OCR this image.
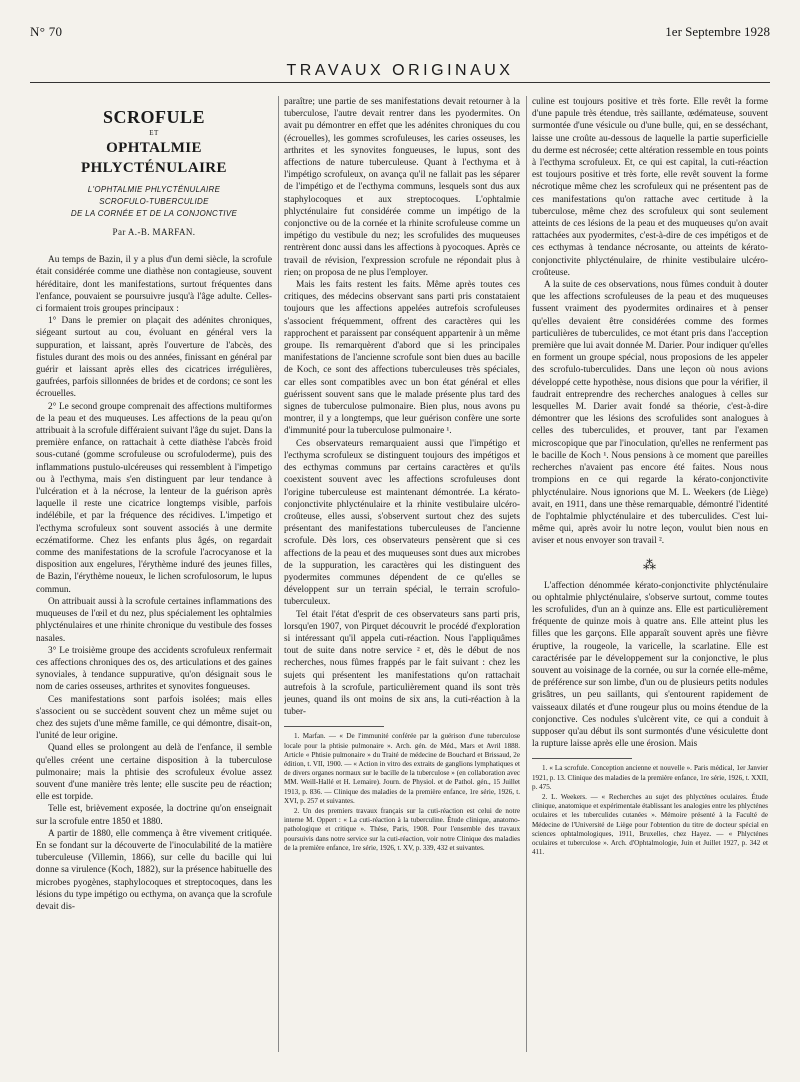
N° 70	1er Septembre 1928
TRAVAUX ORIGINAUX
SCROFULE
ET
OPHTALMIE PHLYCTÉNULAIRE
L'OPHTALMIE PHLYCTÉNULAIRE
SCROFULO-TUBERCULIDE
DE LA CORNÉE ET DE LA CONJONCTIVE
Par A.-B. MARFAN.

Au temps de Bazin, il y a plus d'un demi siècle, la scrofule était considérée comme une diathèse non contagieuse, souvent héréditaire, dont les manifestations, surtout fréquentes dans l'enfance, pouvaient se poursuivre jusqu'à l'âge adulte. Celles-ci formaient trois groupes principaux :

1° Dans le premier on plaçait des adénites chroniques, siégeant surtout au cou, évoluant en général vers la suppuration, et laissant, après l'ouverture de l'abcès, des fistules durant des mois ou des années, finissant en général par guérir et laissant après elles des cicatrices irrégulières, gaufrées, parfois sillonnées de brides et de cordons; ce sont les écrouelles.

2° Le second groupe comprenait des affections multiformes de la peau et des muqueuses. Les affections de la peau qu'on attribuait à la scrofule différaient suivant l'âge du sujet. Dans la première enfance, on rattachait à cette diathèse l'abcès froid sous-cutané (gomme scrofuleuse ou scrofuloderme), puis des inflammations pustulo-ulcéreuses qui ressemblent à l'impetigo ou à l'ecthyma, mais s'en distinguent par leur tendance à l'ulcération et à la nécrose, la lenteur de la guérison après laquelle il reste une cicatrice longtemps visible, parfois indélébile, et par la fréquence des récidives. L'impetigo et l'ecthyma scrofuleux sont souvent associés à une dermite eczématiforme. Chez les enfants plus âgés, on regardait comme des manifestations de la scrofule l'acrocyanose et la disposition aux engelures, l'érythème induré des jeunes filles, de Bazin, l'érythème noueux, le lichen scrofulosorum, le lupus commun.

On attribuait aussi à la scrofule certaines inflammations des muqueuses de l'œil et du nez, plus spécialement les ophtalmies phlycténulaires et une rhinite chronique du vestibule des fosses nasales.

3° Le troisième groupe des accidents scrofuleux renfermait ces affections chroniques des os, des articulations et des gaines synoviales, à tendance suppurative, qu'on désignait sous le nom de caries osseuses, arthrites et synovites fongueuses.

Ces manifestations sont parfois isolées; mais elles s'associent ou se succèdent souvent chez un même sujet ou chez des sujets d'une même famille, ce qui démontre, disait-on, l'unité de leur origine.

Quand elles se prolongent au delà de l'enfance, il semble qu'elles créent une certaine disposition à la tuberculose pulmonaire; mais la phtisie des scrofuleux évolue assez souvent d'une manière très lente; elle suscite peu de réaction; elle est torpide.

Telle est, brièvement exposée, la doctrine qu'on enseignait sur la scrofule entre 1850 et 1880.

A partir de 1880, elle commença à être vivement critiquée. En se fondant sur la découverte de l'inoculabilité de la matière tuberculeuse (Villemin, 1866), sur celle du bacille qui lui donne sa virulence (Koch, 1882), sur la présence habituelle des microbes pyogènes, staphylocoques et streptocoques, dans les lésions du type impétigo ou ecthyma, on avança que la scrofule devait dis-

paraître; une partie de ses manifestations devait retourner à la tuberculose, l'autre devait rentrer dans les pyodermites. On avait pu démontrer en effet que les adénites chroniques du cou (écrouelles), les gommes scrofuleuses, les caries osseuses, les arthrites et les synovites fongueuses, le lupus, sont des affections de nature tuberculeuse. Quant à l'ecthyma et à l'impétigo scrofuleux, on avança qu'il ne fallait pas les séparer de l'impétigo et de l'ecthyma communs, lesquels sont dus aux staphylocoques et aux streptocoques. L'ophtalmie phlycténulaire fut considérée comme un impétigo de la conjonctive ou de la cornée et la rhinite scrofuleuse comme un impétigo du vestibule du nez; les scrofulides des muqueuses rentrèrent donc aussi dans les affections à pyocoques. Après ce travail de révision, l'expression scrofule ne répondait plus à rien; on proposa de ne plus l'employer.

Mais les faits restent les faits. Même après toutes ces critiques, des médecins observant sans parti pris constataient toujours que les affections appelées autrefois scrofuleuses s'associent fréquemment, offrent des caractères qui les rapprochent et paraissent par conséquent appartenir à un même groupe. Ils remarquèrent d'abord que si les principales manifestations de l'ancienne scrofule sont bien dues au bacille de Koch, ce sont des affections tuberculeuses très spéciales, car elles sont compatibles avec un bon état général et elles guérissent souvent sans que le malade présente plus tard des signes de tuberculose pulmonaire. Bien plus, nous avons pu montrer, il y a longtemps, que leur guérison confère une sorte d'immunité pour la tuberculose pulmonaire ¹.

Ces observateurs remarquaient aussi que l'impétigo et l'ecthyma scrofuleux se distinguent toujours des impétigos et des ecthymas communs par certains caractères et qu'ils coexistent souvent avec les affections scrofuleuses dont l'origine tuberculeuse est maintenant démontrée. La kérato-conjonctivite phlycténulaire et la rhinite vestibulaire ulcéro-croûteuse, elles aussi, s'observent surtout chez des sujets présentant des manifestations tuberculeuses de l'ancienne scrofule. Dès lors, ces observateurs pensèrent que si ces affections de la peau et des muqueuses sont dues aux microbes de la suppuration, les caractères qui les distinguent des pyodermites communes dépendent de ce qu'elles se développent sur un terrain spécial, le terrain scrofulo-tuberculeux.

Tel était l'état d'esprit de ces observateurs sans parti pris, lorsqu'en 1907, von Pirquet découvrit le procédé d'exploration si intéressant qu'il appela cuti-réaction. Nous l'appliquâmes tout de suite dans notre service ² et, dès le début de nos recherches, nous fûmes frappés par le fait suivant : chez les sujets qui présentent les manifestations qu'on rattachait autrefois à la scrofule, particulièrement quand ils sont très jeunes, quand ils ont moins de six ans, la cuti-réaction à la tuber-

1. Marfan. — « De l'immunité conférée par la guérison d'une tuberculose locale pour la phtisie pulmonaire ». Arch. gén. de Méd., Mars et Avril 1888. Article « Phtisie pulmonaire » du Traité de médecine de Bouchard et Brissaud, 2e édition, t. VII, 1900. — « Action in vitro des extraits de ganglions lymphatiques et de divers organes normaux sur le bacille de la tuberculose » (en collaboration avec MM. Weill-Hallé et H. Lemaire). Journ. de Physiol. et de Pathol. gén., 15 Juillet 1913, p. 836. — Clinique des maladies de la première enfance, 1re série, 1926, t. XVI, p. 257 et suivantes.

2. Un des premiers travaux français sur la cuti-réaction est celui de notre interne M. Oppert : « La cuti-réaction à la tuberculine. Étude clinique, anatomo-pathologique et critique ». Thèse, Paris, 1908. Pour l'ensemble des travaux poursuivis dans notre service sur la cuti-réaction, voir notre Clinique des maladies de la première enfance, 1re série, 1926, t. XV, p. 339, 432 et suivantes.

culine est toujours positive et très forte. Elle revêt la forme d'une papule très étendue, très saillante, œdémateuse, souvent surmontée d'une vésicule ou d'une bulle, qui, en se desséchant, laisse une croûte au-dessous de laquelle la partie superficielle du derme est nécrosée; cette altération ressemble en tous points à l'ecthyma scrofuleux. Et, ce qui est capital, la cuti-réaction est toujours positive et très forte, elle revêt souvent la forme nécrotique même chez les scrofuleux qui ne présentent pas de ces manifestations qu'on rattache avec certitude à la tuberculose, même chez des scrofuleux qui sont seulement atteints de ces lésions de la peau et des muqueuses qu'on avait rattachées aux pyodermites, c'est-à-dire de ces impétigos et de ces ecthymas à tendance nécrosante, ou atteints de kérato-conjonctivite phlycténulaire, de rhinite vestibulaire ulcéro-croûteuse.

A la suite de ces observations, nous fûmes conduit à douter que les affections scrofuleuses de la peau et des muqueuses fussent vraiment des pyodermites ordinaires et à penser qu'elles devaient être considérées comme des formes particulières de tuberculides, ce mot étant pris dans l'acception première que lui avait donnée M. Darier. Pour indiquer qu'elles en forment un groupe spécial, nous proposions de les appeler des scrofulo-tuberculides. Dans une leçon où nous avions développé cette hypothèse, nous disions que pour la vérifier, il faudrait entreprendre des recherches analogues à celles sur lesquelles M. Darier avait fondé sa théorie, c'est-à-dire démontrer que les lésions des scrofulides sont analogues à celles des tuberculides, et prouver, tant par l'examen microscopique que par l'inoculation, qu'elles ne renferment pas le bacille de Koch ¹. Nous pensions à ce moment que pareilles recherches n'avaient pas encore été faites. Nous nous trompions en ce qui regarde la kérato-conjonctivite phlycténulaire. Nous ignorions que M. L. Weekers (de Liège) avait, en 1911, dans une thèse remarquable, démontré l'identité de l'ophtalmie phlycténulaire et des tuberculides. C'est lui-même qui, après avoir lu notre leçon, voulut bien nous en aviser et nous envoyer son travail ².

⁂

L'affection dénommée kérato-conjonctivite phlycténulaire ou ophtalmie phlycténulaire, s'observe surtout, comme toutes les scrofulides, d'un an à quinze ans. Elle est particulièrement fréquente de quinze mois à quatre ans. Elle atteint plus les filles que les garçons. Elle apparaît souvent après une fièvre éruptive, la rougeole, la varicelle, la scarlatine. Elle est caractérisée par le développement sur la conjonctive, le plus souvent au voisinage de la cornée, ou sur la cornée elle-même, de préférence sur son limbe, d'un ou de plusieurs petits nodules grisâtres, un peu saillants, qui s'entourent rapidement de vaisseaux dilatés et d'une rougeur plus ou moins étendue de la conjonctive. Ces nodules s'ulcèrent vite, ce qui a conduit à supposer qu'au début ils sont surmontés d'une vésiculette dont la rupture laisse après elle une érosion. Mais

1. « La scrofule. Conception ancienne et nouvelle ». Paris médical, 1er Janvier 1921, p. 13. Clinique des maladies de la première enfance, 1re série, 1926, t. XXII, p. 475.

2. L. Weekers. — « Recherches au sujet des phlycténes oculaires. Étude clinique, anatomique et expérimentale établissant les analogies entre les phlycténes oculaires et les tuberculides cutanées ». Mémoire présenté à la Faculté de Médecine de l'Université de Liège pour l'obtention du titre de docteur spécial en sciences ophtalmologiques, 1911, Bruxelles, chez Hayez. — « Phlycténes oculaires et tuberculose ». Arch. d'Ophtalmologie, Juin et Juillet 1927, p. 342 et 411.
